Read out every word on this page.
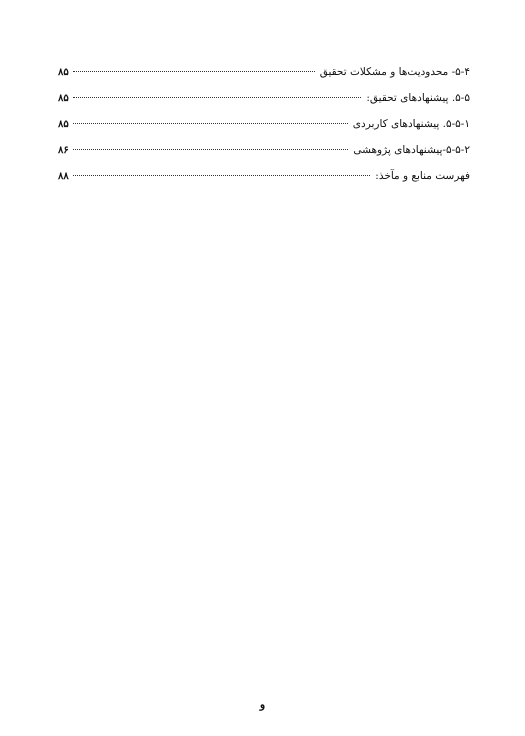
۵-۴- محدودیت‌ها و مشکلات تحقیق
۸۵
۵-۵. پیشنهادهای تحقیق:
۸۵
۵-۵-۱. پیشنهادهای کاربردی
۸۵
۵-۵-۲-پیشنهادهای پژوهشی
۸۶
فهرست منابع و مآخذ:
۸۸
و
